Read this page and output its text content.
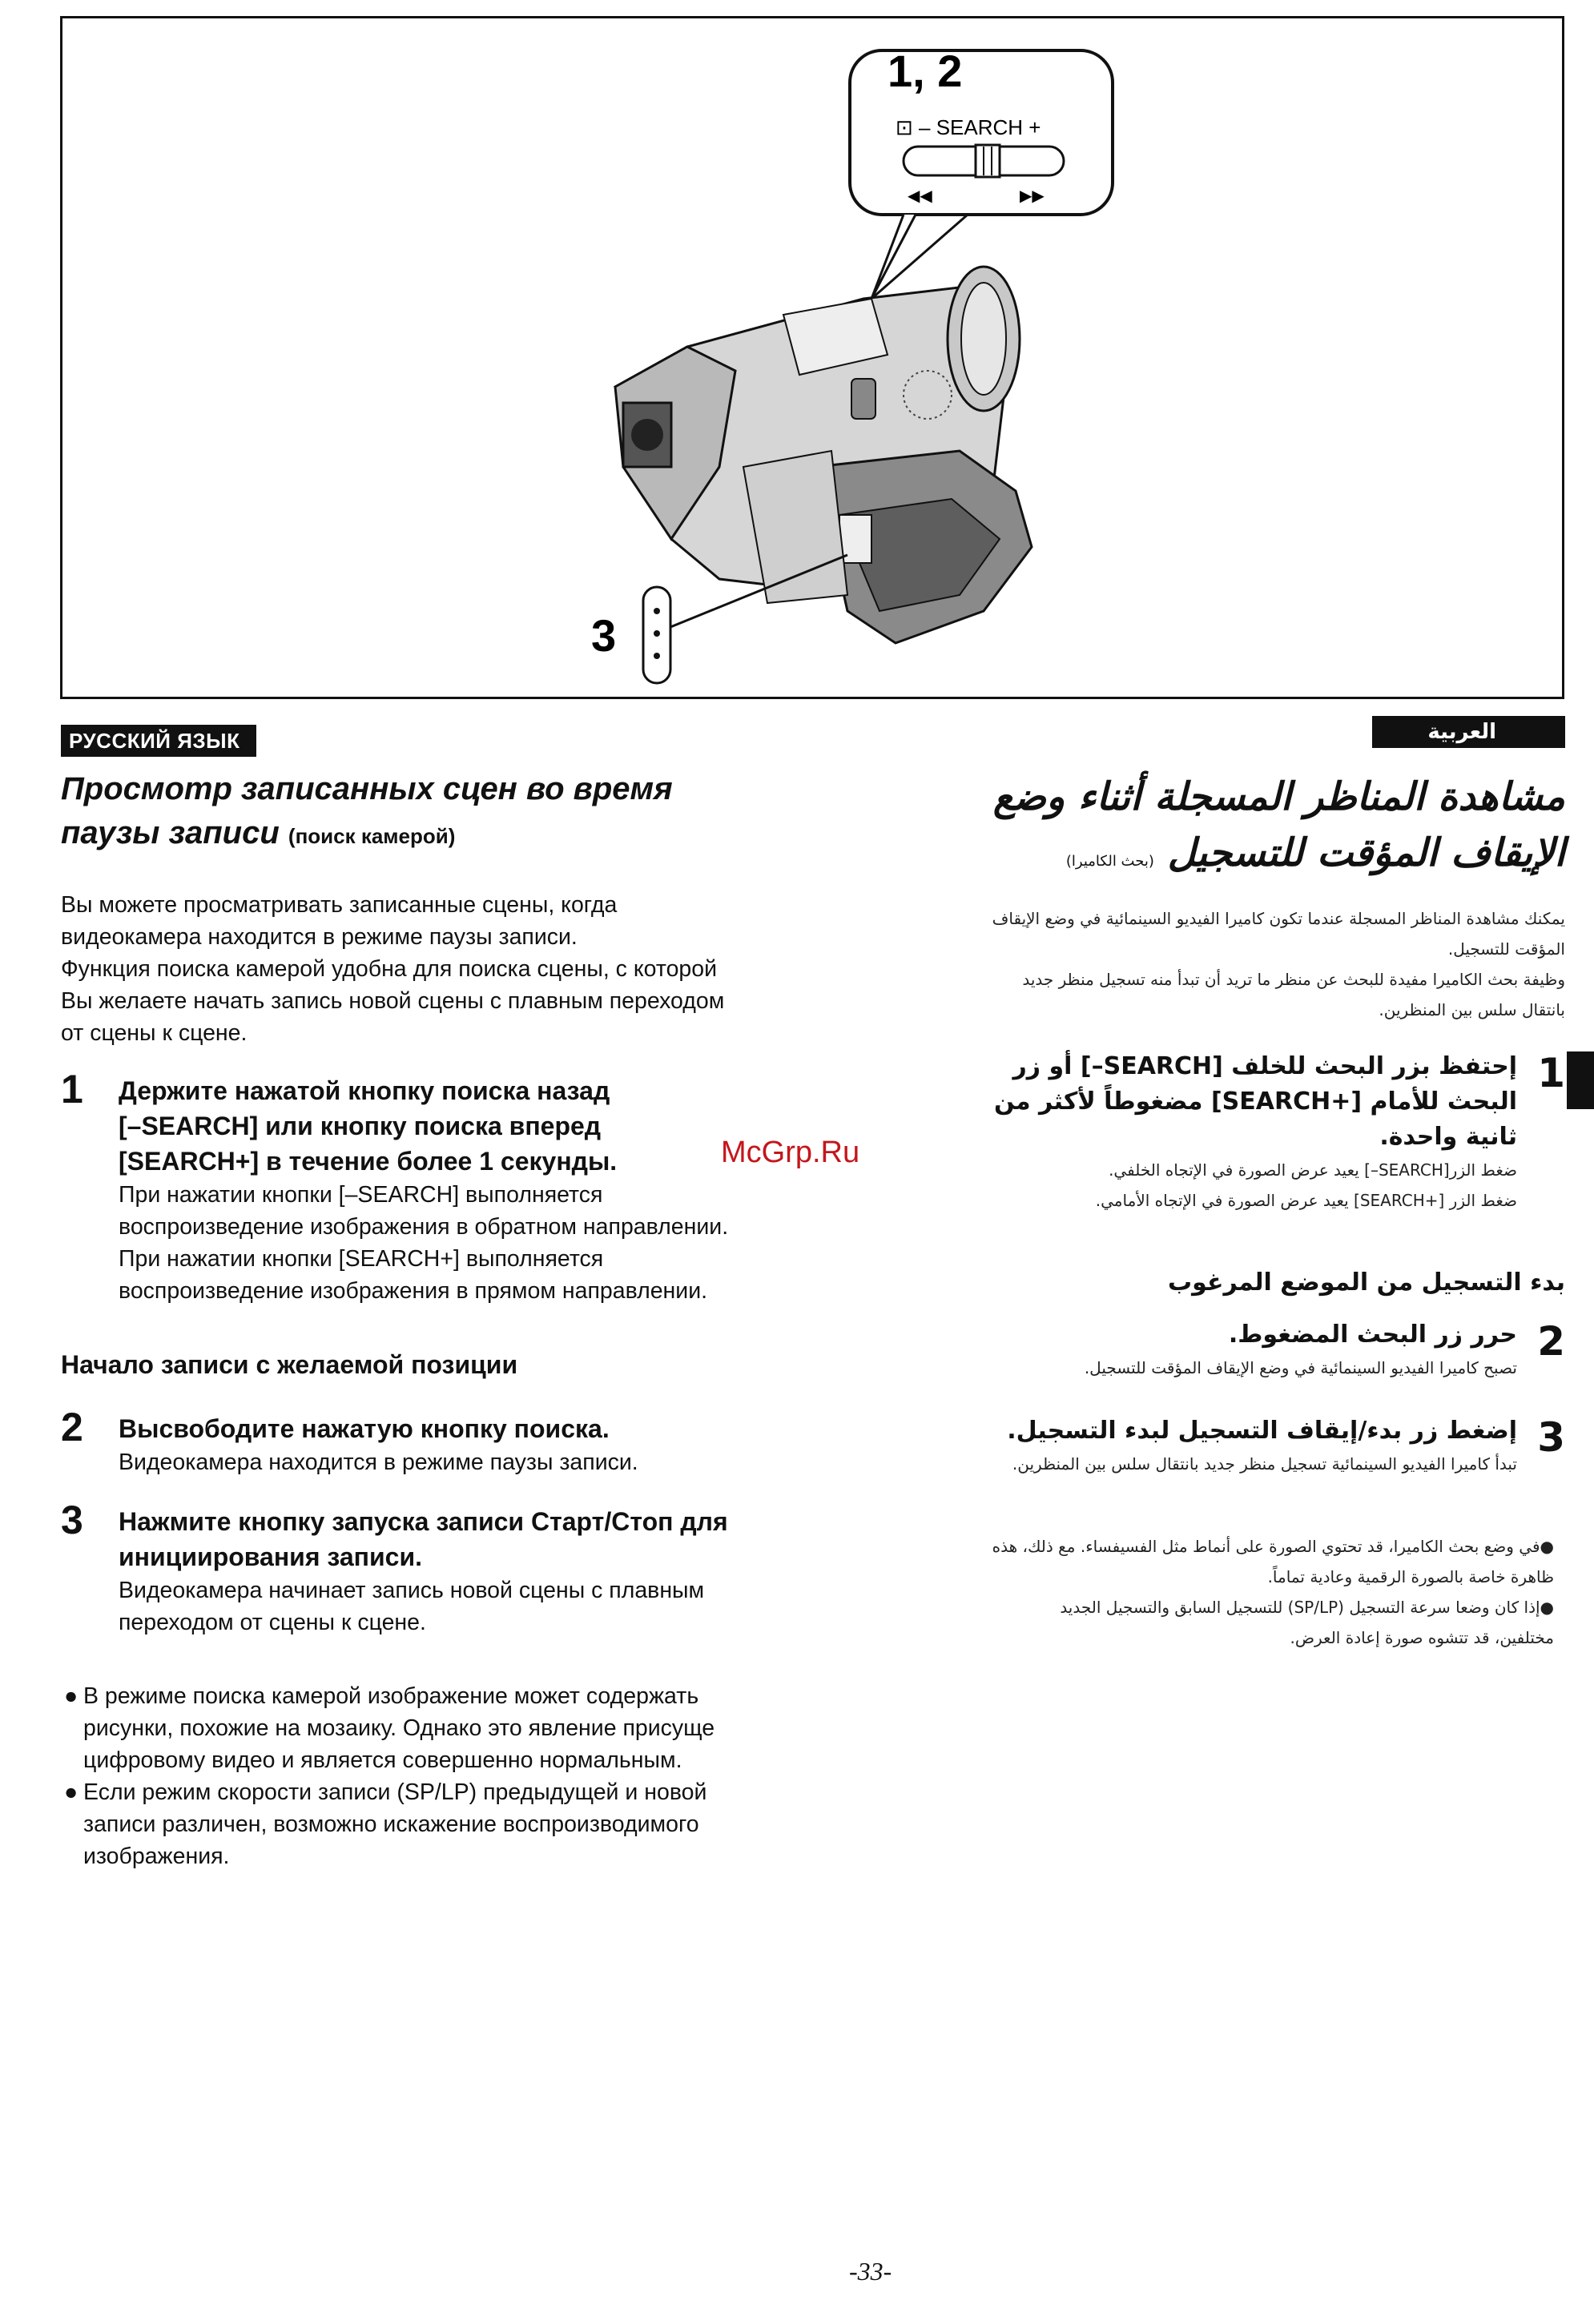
1, 2
⊡ – SEARCH +
◀◀	▶▶
3
РУССКИЙ ЯЗЫК
Просмотр записанных сцен во время
паузы записи (поиск камерой)
Вы можете просматривать записанные сцены, когда
видеокамера находится в режиме паузы записи.
Функция поиска камерой удобна для поиска сцены, с которой
Вы желаете начать запись новой сцены с плавным переходом
от сцены к сцене.
1 Держите нажатой кнопку поиска назад
[–SEARCH] или кнопку поиска вперед
[SEARCH+] в течение более 1 секунды.
При нажатии кнопки [–SEARCH] выполняется
воспроизведение изображения в обратном направлении.
При нажатии кнопки [SEARCH+] выполняется
воспроизведение изображения в прямом направлении.
Начало записи с желаемой позиции
2 Высвободите нажатую кнопку поиска.
Видеокамера находится в режиме паузы записи.
3 Нажмите кнопку запуска записи Старт/Стоп для
инициирования записи.
Видеокамера начинает запись новой сцены с плавным
переходом от сцены к сцене.
● В режиме поиска камерой изображение может содержать
рисунки, похожие на мозаику. Однако это явление присуще
цифровому видео и является совершенно нормальным.
● Если режим скорости записи (SP/LP) предыдущей и новой
записи различен, возможно искажение воспроизводимого
изображения.
McGrp.Ru
العربية
مشاهدة المناظر المسجلة أثناء وضع
الإيقاف المؤقت للتسجيل (بحث الكاميرا)
يمكنك مشاهدة المناظر المسجلة عندما تكون كاميرا الفيديو السينمائية في وضع الإيقاف
المؤقت للتسجيل.
وظيفة بحث الكاميرا مفيدة للبحث عن منظر ما تريد أن تبدأ منه تسجيل منظر جديد
بانتقال سلس بين المنظرين.
1
إحتفظ بزر البحث للخلف [SEARCH–] أو زر
البحث للأمام [+SEARCH] مضغوطاً لأكثر من
ثانية واحدة.
ضغط الزر[SEARCH–] يعيد عرض الصورة في الإتجاه الخلفي.
ضغط الزر [+SEARCH] يعيد عرض الصورة في الإتجاه الأمامي.
بدء التسجيل من الموضع المرغوب
2
حرر زر البحث المضغوط.
تصبح كاميرا الفيديو السينمائية في وضع الإيقاف المؤقت للتسجيل.
3
إضغط زر بدء/إيقاف التسجيل لبدء التسجيل.
تبدأ كاميرا الفيديو السينمائية تسجيل منظر جديد بانتقال سلس بين المنظرين.
●في وضع بحث الكاميرا، قد تحتوي الصورة على أنماط مثل الفسيفساء. مع ذلك، هذه
ظاهرة خاصة بالصورة الرقمية وعادية تماماً.
●إذا كان وضعا سرعة التسجيل (SP/LP) للتسجيل السابق والتسجيل الجديد
مختلفين، قد تتشوه صورة إعادة العرض.
-33-
